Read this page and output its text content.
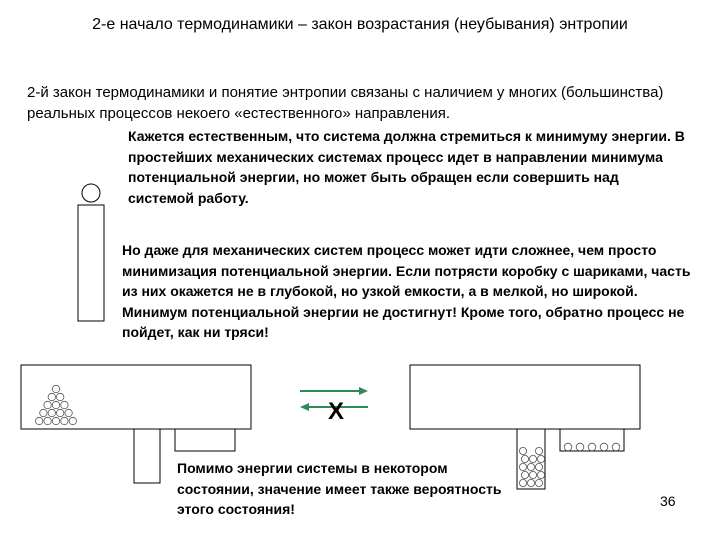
2-е начало термодинамики – закон возрастания (неубывания) энтропии
2-й закон термодинамики и понятие энтропии связаны с наличием у многих (большинства) реальных процессов некоего «естественного» направления.
Кажется естественным, что система должна стремиться к минимуму энергии. В простейших механических системах процесс идет в направлении минимума потенциальной энергии, но может быть обращен если совершить над системой работу.
Но даже для механических систем процесс может идти сложнее, чем просто минимизация потенциальной энергии. Если потрясти коробку с шариками, часть из них окажется не в глубокой, но узкой емкости, а в мелкой, но широкой. Минимум потенциальной энергии не достигнут! Кроме того, обратно процесс не пойдет, как ни тряси!
Помимо энергии системы в некотором состоянии, значение имеет также вероятность этого состояния!	36
X
